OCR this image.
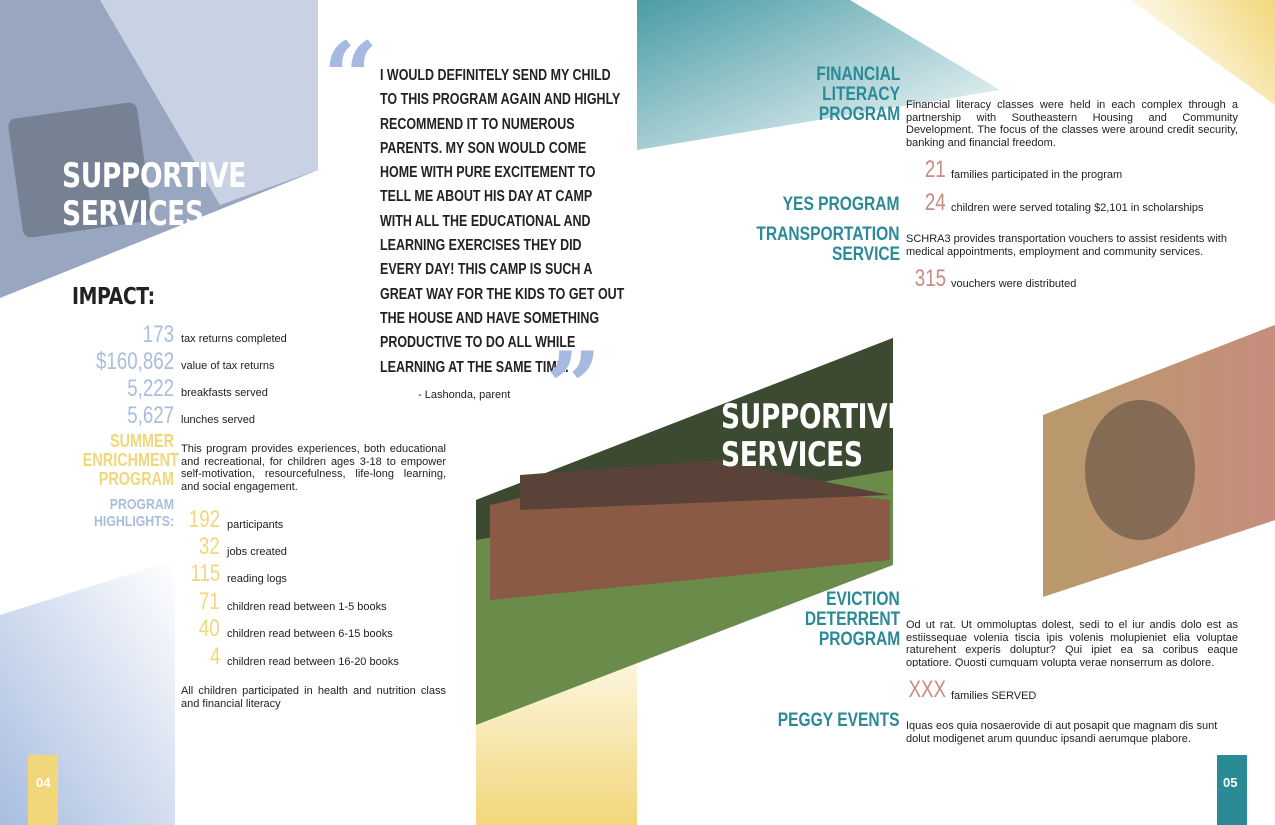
SUPPORTIVE
SERVICES
IMPACT:
173 tax returns completed
$160,862 value of tax returns
5,222 breakfasts served
5,627 lunches served
SUMMER
ENRICHMENT
PROGRAM
This program provides experiences, both educational and recreational, for children ages 3-18 to empower self-motivation, resourcefulness, life-long learning, and social engagement.
PROGRAM
HIGHLIGHTS: 192 participants
32 jobs created
115 reading logs
71 children read between 1-5 books
40 children read between 6-15 books
4 children read between 16-20 books
All children participated in health and nutrition class and financial literacy
“ I WOULD DEFINITELY SEND MY CHILD
TO THIS PROGRAM AGAIN AND HIGHLY
RECOMMEND IT TO NUMEROUS
PARENTS. MY SON WOULD COME
HOME WITH PURE EXCITEMENT TO
TELL ME ABOUT HIS DAY AT CAMP
WITH ALL THE EDUCATIONAL AND
LEARNING EXERCISES THEY DID
EVERY DAY! THIS CAMP IS SUCH A
GREAT WAY FOR THE KIDS TO GET OUT
THE HOUSE AND HAVE SOMETHING
PRODUCTIVE TO DO ALL WHILE
LEARNING AT THE SAME TIME.
”
- Lashonda, parent
04
SUPPORTIVE
SERVICES
FINANCIAL
LITERACY
PROGRAM Financial literacy classes were held in each complex through a partnership with Southeastern Housing and Community Development. The focus of the classes were around credit security, banking and financial freedom.
21 families participated in the program
YES PROGRAM 24 children were served totaling $2,101 in scholarships
TRANSPORTATION
SERVICE
SCHRA3 provides transportation vouchers to assist residents with medical appointments, employment and community services.
315 vouchers were distributed
EVICTION
DETERRENT
PROGRAM
Od ut rat. Ut ommoluptas dolest, sedi to el iur andis dolo est as estiissequae volenia tiscia ipis volenis molupieniet elia voluptae raturehent experis doluptur? Qui ipiet ea sa coribus eaque optatiore. Quosti cumquam volupta verae nonserrum as dolore.
XXX families SERVED
PEGGY EVENTS Iquas eos quia nosaerovide di aut posapit que magnam dis sunt dolut modigenet arum quunduc ipsandi aerumque plabore.
05
